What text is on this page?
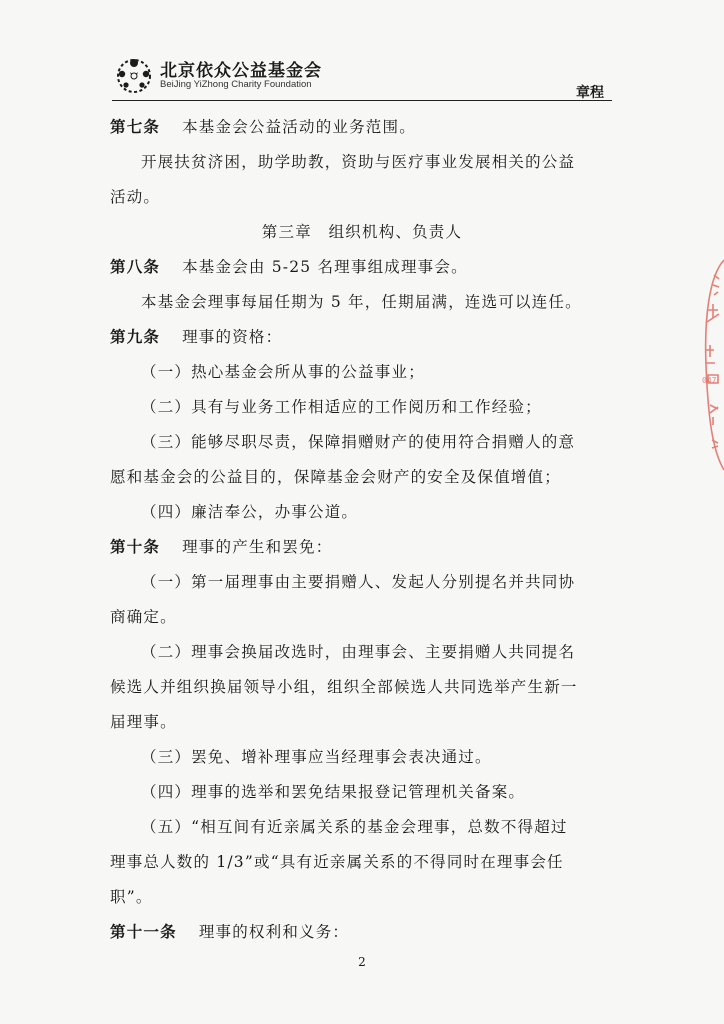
北京依众公益基金会
BeiJing YiZhong Charity Foundation
章程
第七条 本基金会公益活动的业务范围。
开展扶贫济困，助学助教，资助与医疗事业发展相关的公益
活动。
第三章　组织机构、负责人
第八条 本基金会由 5-25 名理事组成理事会。
本基金会理事每届任期为 5 年，任期届满，连选可以连任。
第九条 理事的资格：
（一）热心基金会所从事的公益事业；
（二）具有与业务工作相适应的工作阅历和工作经验；
（三）能够尽职尽责，保障捐赠财产的使用符合捐赠人的意
愿和基金会的公益目的，保障基金会财产的安全及保值增值；
（四）廉洁奉公，办事公道。
第十条 理事的产生和罢免：
（一）第一届理事由主要捐赠人、发起人分别提名并共同协
商确定。
（二）理事会换届改选时，由理事会、主要捐赠人共同提名
候选人并组织换届领导小组，组织全部候选人共同选举产生新一
届理事。
（三）罢免、增补理事应当经理事会表决通过。
（四）理事的选举和罢免结果报登记管理机关备案。
（五）“相互间有近亲属关系的基金会理事，总数不得超过
理事总人数的 1/3”或“具有近亲属关系的不得同时在理事会任
职”。
第十一条 理事的权利和义务：
2
047
